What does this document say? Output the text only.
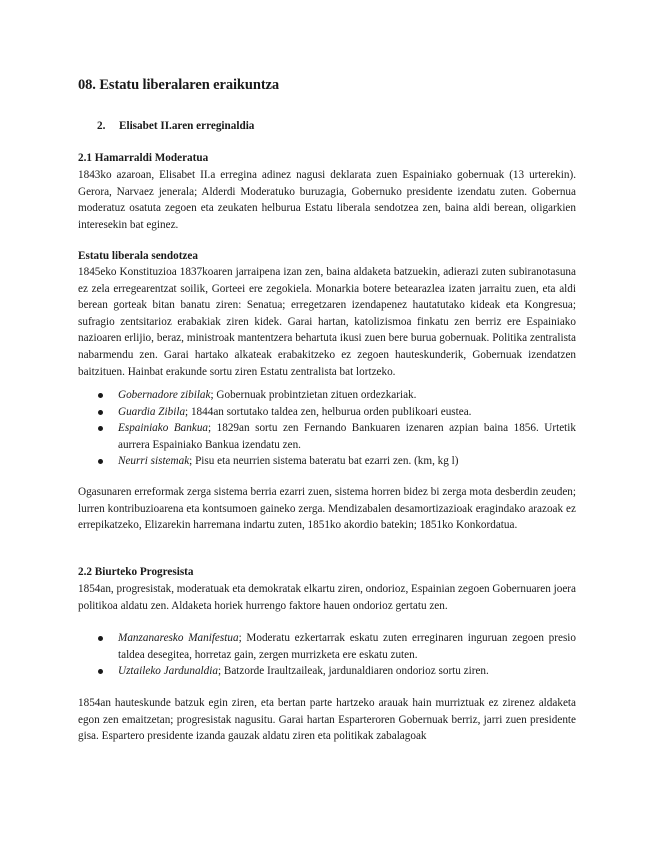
08. Estatu liberalaren eraikuntza

2. Elisabet II.aren erreginaldia

2.1 Hamarraldi Moderatua

1843ko azaroan, Elisabet II.a erregina adinez nagusi deklarata zuen Espainiako gobernuak (13 urterekin). Gerora, Narvaez jenerala; Alderdi Moderatuko buruzagia, Gobernuko presidente izendatu zuten. Gobernua moderatuz osatuta zegoen eta zeukaten helburua Estatu liberala sendotzea zen, baina aldi berean, oligarkien interesekin bat eginez.

Estatu liberala sendotzea

1845eko Konstituzioa 1837koaren jarraipena izan zen, baina aldaketa batzuekin, adierazi zuten subiranotasuna ez zela erregearentzat soilik, Gorteei ere zegokiela. Monarkia botere betearazlea izaten jarraitu zuen, eta aldi berean gorteak bitan banatu ziren: Senatua; erregetzaren izendapenez hautatutako kideak eta Kongresua; sufragio zentsitarioz erabakiak ziren kidek. Garai hartan, katolizismoa finkatu zen berriz ere Espainiako nazioaren erlijio, beraz, ministroak mantentzera behartuta ikusi zuen bere burua gobernuak. Politika zentralista nabarmendu zen. Garai hartako alkateak erabakitzeko ez zegoen hauteskunderik, Gobernuak izendatzen baitzituen. Hainbat erakunde sortu ziren Estatu zentralista bat lortzeko.

Gobernadore zibilak; Gobernuak probintzietan zituen ordezkariak.
Guardia Zibila; 1844an sortutako taldea zen, helburua orden publikoari eustea.
Espainiako Bankua; 1829an sortu zen Fernando Bankuaren izenaren azpian baina 1856. Urtetik aurrera Espainiako Bankua izendatu zen.
Neurri sistemak; Pisu eta neurrien sistema bateratu bat ezarri zen. (km, kg l)

Ogasunaren erreformak zerga sistema berria ezarri zuen, sistema horren bidez bi zerga mota desberdin zeuden; lurren kontribuzioarena eta kontsumoen gaineko zerga. Mendizabalen desamortizazioak eragindako arazoak ez errepikatzeko, Elizarekin harremana indartu zuten, 1851ko akordio batekin; 1851ko Konkordatua.

2.2 Biurteko Progresista

1854an, progresistak, moderatuak eta demokratak elkartu ziren, ondorioz, Espainian zegoen Gobernuaren joera politikoa aldatu zen. Aldaketa horiek hurrengo faktore hauen ondorioz gertatu zen.

Manzanaresko Manifestua; Moderatu ezkertarrak eskatu zuten erreginaren inguruan zegoen presio taldea desegitea, horretaz gain, zergen murrizketa ere eskatu zuten.
Uztaileko Jardunaldia; Batzorde Iraultzaileak, jardunaldiaren ondorioz sortu ziren.

1854an hauteskunde batzuk egin ziren, eta bertan parte hartzeko arauak hain murriztuak ez zirenez aldaketa egon zen emaitzetan; progresistak nagusitu. Garai hartan Esparteroren Gobernuak berriz, jarri zuen presidente gisa. Espartero presidente izanda gauzak aldatu ziren eta politikak zabalagoak
